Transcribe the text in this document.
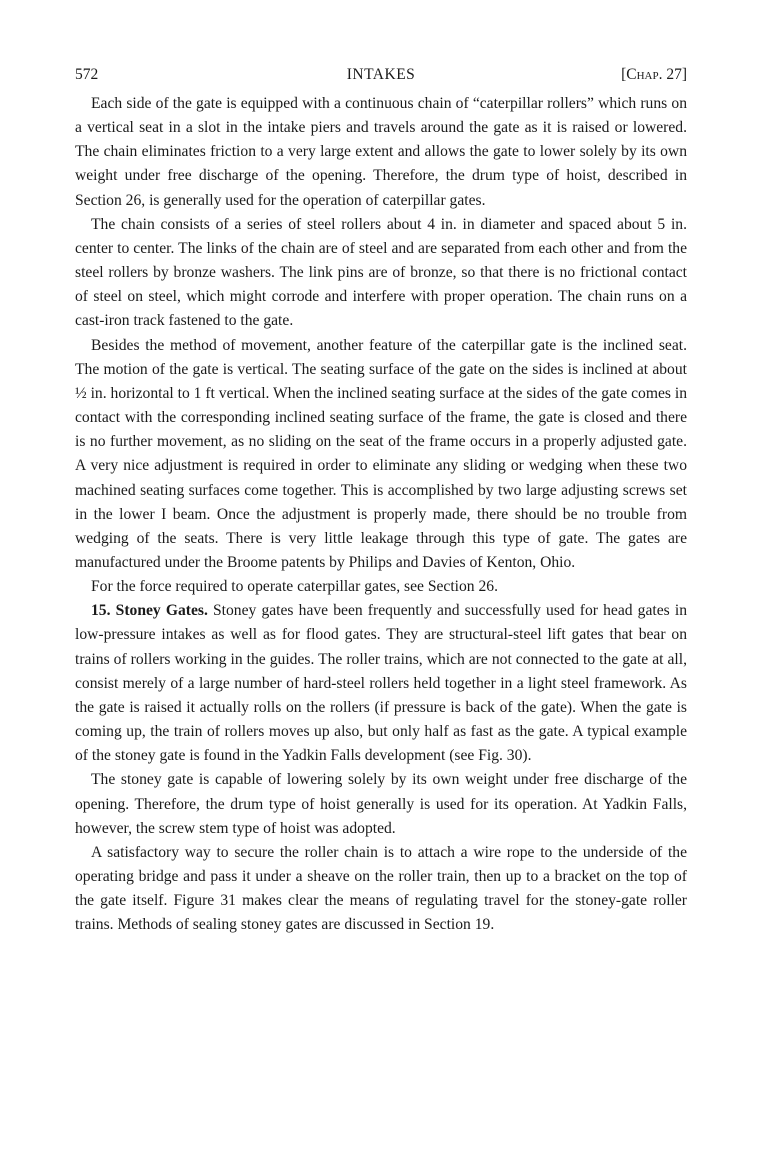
572	INTAKES	[Chap. 27]

Each side of the gate is equipped with a continuous chain of “caterpillar rollers” which runs on a vertical seat in a slot in the intake piers and travels around the gate as it is raised or lowered. The chain eliminates friction to a very large extent and allows the gate to lower solely by its own weight under free discharge of the opening. Therefore, the drum type of hoist, described in Section 26, is generally used for the operation of caterpillar gates.

The chain consists of a series of steel rollers about 4 in. in diameter and spaced about 5 in. center to center. The links of the chain are of steel and are separated from each other and from the steel rollers by bronze washers. The link pins are of bronze, so that there is no frictional contact of steel on steel, which might corrode and interfere with proper operation. The chain runs on a cast-iron track fastened to the gate.

Besides the method of movement, another feature of the caterpillar gate is the inclined seat. The motion of the gate is vertical. The seating surface of the gate on the sides is inclined at about ½ in. horizontal to 1 ft vertical. When the inclined seating surface at the sides of the gate comes in contact with the corresponding inclined seating surface of the frame, the gate is closed and there is no further movement, as no sliding on the seat of the frame occurs in a properly adjusted gate. A very nice adjustment is required in order to eliminate any sliding or wedging when these two machined seating surfaces come together. This is accomplished by two large adjusting screws set in the lower I beam. Once the adjustment is properly made, there should be no trouble from wedging of the seats. There is very little leakage through this type of gate. The gates are manufactured under the Broome patents by Philips and Davies of Kenton, Ohio.

For the force required to operate caterpillar gates, see Section 26.

15. Stoney Gates. Stoney gates have been frequently and successfully used for head gates in low-pressure intakes as well as for flood gates. They are structural-steel lift gates that bear on trains of rollers working in the guides. The roller trains, which are not connected to the gate at all, consist merely of a large number of hard-steel rollers held together in a light steel framework. As the gate is raised it actually rolls on the rollers (if pressure is back of the gate). When the gate is coming up, the train of rollers moves up also, but only half as fast as the gate. A typical example of the stoney gate is found in the Yadkin Falls development (see Fig. 30).

The stoney gate is capable of lowering solely by its own weight under free discharge of the opening. Therefore, the drum type of hoist generally is used for its operation. At Yadkin Falls, however, the screw stem type of hoist was adopted.

A satisfactory way to secure the roller chain is to attach a wire rope to the underside of the operating bridge and pass it under a sheave on the roller train, then up to a bracket on the top of the gate itself. Figure 31 makes clear the means of regulating travel for the stoney-gate roller trains. Methods of sealing stoney gates are discussed in Section 19.
